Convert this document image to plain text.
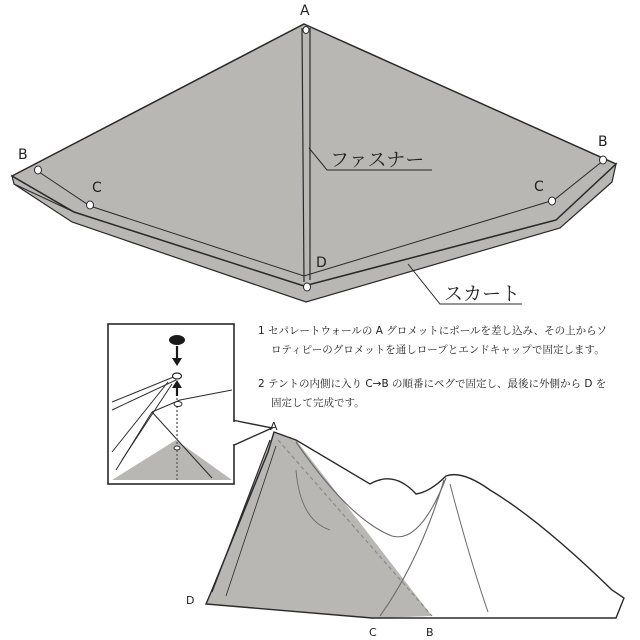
A
B
C
D
C
B
ファスナー
スカート
A
D
C	B
1 セパレートウォールの A グロメットにポールを差し込み、その上からソ
ロティピーのグロメットを通しロープとエンドキャップで固定します。
2 テントの内側に入り C→B の順番にペグで固定し、最後に外側から D を
固定して完成です。
